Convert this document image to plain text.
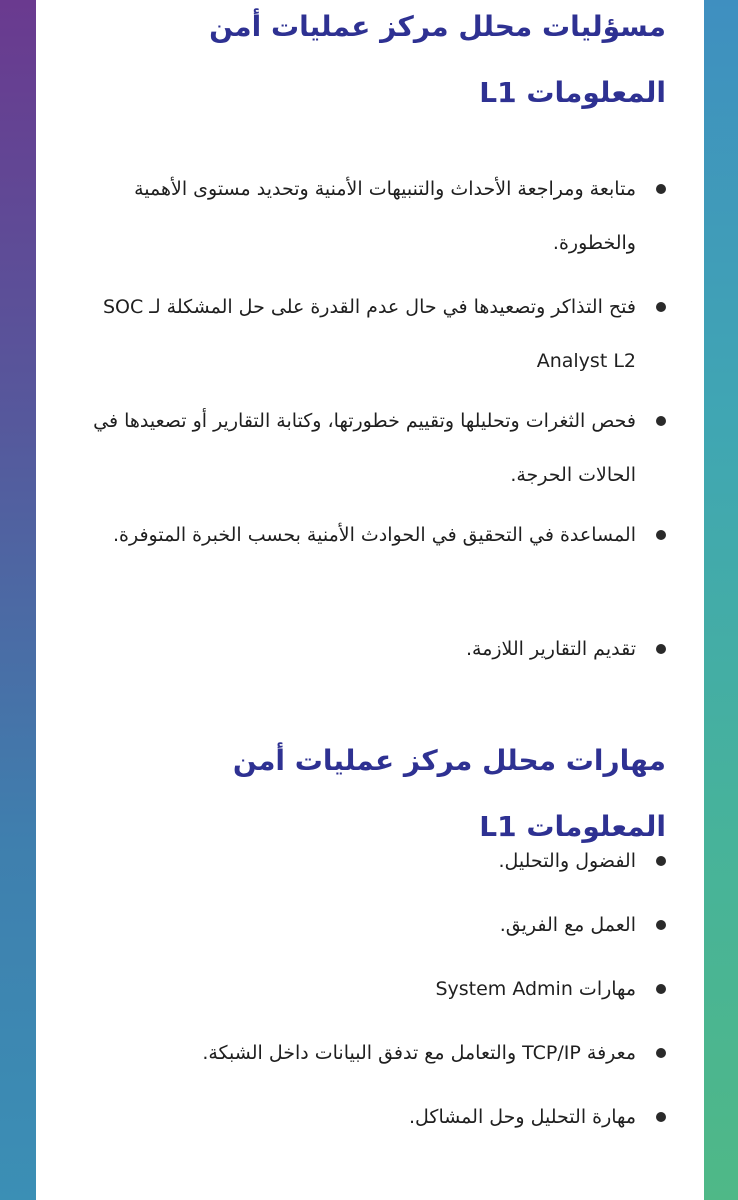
مسؤليات محلل مركز عمليات أمن المعلومات L1
متابعة ومراجعة الأحداث والتنبيهات الأمنية وتحديد مستوى الأهمية والخطورة.
فتح التذاكر وتصعيدها في حال عدم القدرة على حل المشكلة لـ SOC Analyst L2
فحص الثغرات وتحليلها وتقييم خطورتها، وكتابة التقارير أو تصعيدها في الحالات الحرجة.
المساعدة في التحقيق في الحوادث الأمنية بحسب الخبرة المتوفرة.
تقديم التقارير اللازمة.
مهارات محلل مركز عمليات أمن المعلومات L1
الفضول والتحليل.
العمل مع الفريق.
مهارات System Admin
معرفة TCP/IP والتعامل مع تدفق البيانات داخل الشبكة.
مهارة التحليل وحل المشاكل.
